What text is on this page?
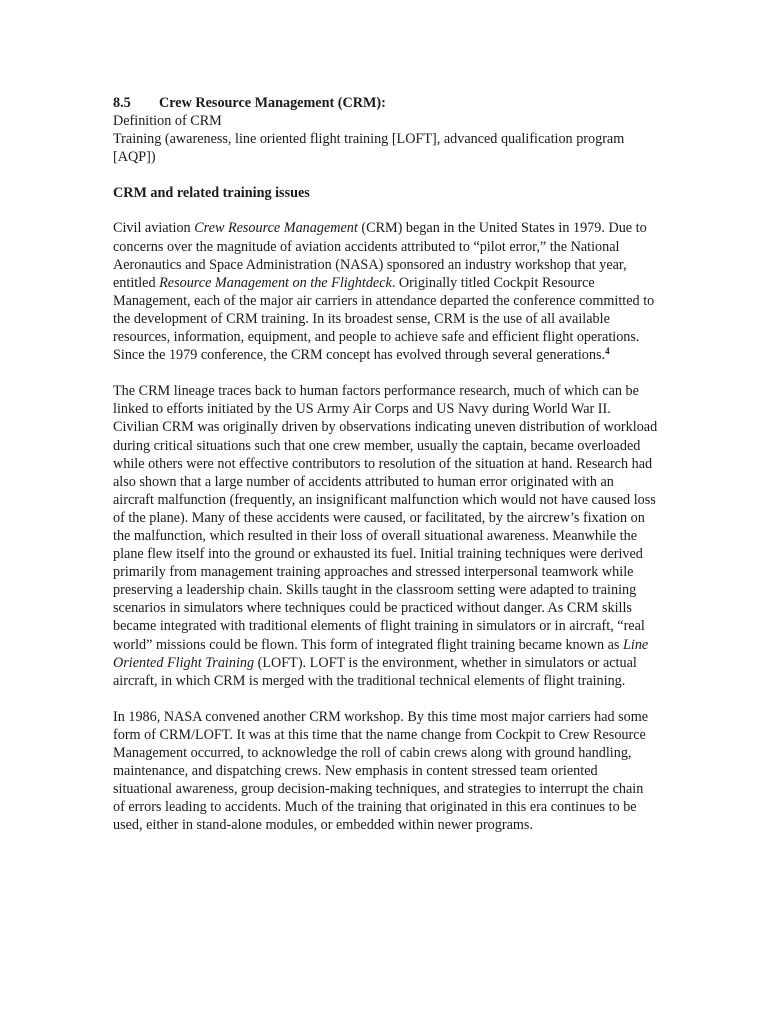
8.5 Crew Resource Management (CRM):

Definition of CRM

Training (awareness, line oriented flight training [LOFT], advanced qualification program [AQP])

CRM and related training issues

Civil aviation Crew Resource Management (CRM) began in the United States in 1979. Due to concerns over the magnitude of aviation accidents attributed to “pilot error,” the National Aeronautics and Space Administration (NASA) sponsored an industry workshop that year, entitled Resource Management on the Flightdeck. Originally titled Cockpit Resource Management, each of the major air carriers in attendance departed the conference committed to the development of CRM training. In its broadest sense, CRM is the use of all available resources, information, equipment, and people to achieve safe and efficient flight operations. Since the 1979 conference, the CRM concept has evolved through several generations.$^4$

The CRM lineage traces back to human factors performance research, much of which can be linked to efforts initiated by the US Army Air Corps and US Navy during World War II. Civilian CRM was originally driven by observations indicating uneven distribution of workload during critical situations such that one crew member, usually the captain, became overloaded while others were not effective contributors to resolution of the situation at hand. Research had also shown that a large number of accidents attributed to human error originated with an aircraft malfunction (frequently, an insignificant malfunction which would not have caused loss of the plane). Many of these accidents were caused, or facilitated, by the aircrew’s fixation on the malfunction, which resulted in their loss of overall situational awareness. Meanwhile the plane flew itself into the ground or exhausted its fuel. Initial training techniques were derived primarily from management training approaches and stressed interpersonal teamwork while preserving a leadership chain. Skills taught in the classroom setting were adapted to training scenarios in simulators where techniques could be practiced without danger. As CRM skills became integrated with traditional elements of flight training in simulators or in aircraft, “real world” missions could be flown. This form of integrated flight training became known as Line Oriented Flight Training (LOFT). LOFT is the environment, whether in simulators or actual aircraft, in which CRM is merged with the traditional technical elements of flight training.

In 1986, NASA convened another CRM workshop. By this time most major carriers had some form of CRM/LOFT. It was at this time that the name change from Cockpit to Crew Resource Management occurred, to acknowledge the roll of cabin crews along with ground handling, maintenance, and dispatching crews. New emphasis in content stressed team oriented situational awareness, group decision-making techniques, and strategies to interrupt the chain of errors leading to accidents. Much of the training that originated in this era continues to be used, either in stand-alone modules, or embedded within newer programs.
